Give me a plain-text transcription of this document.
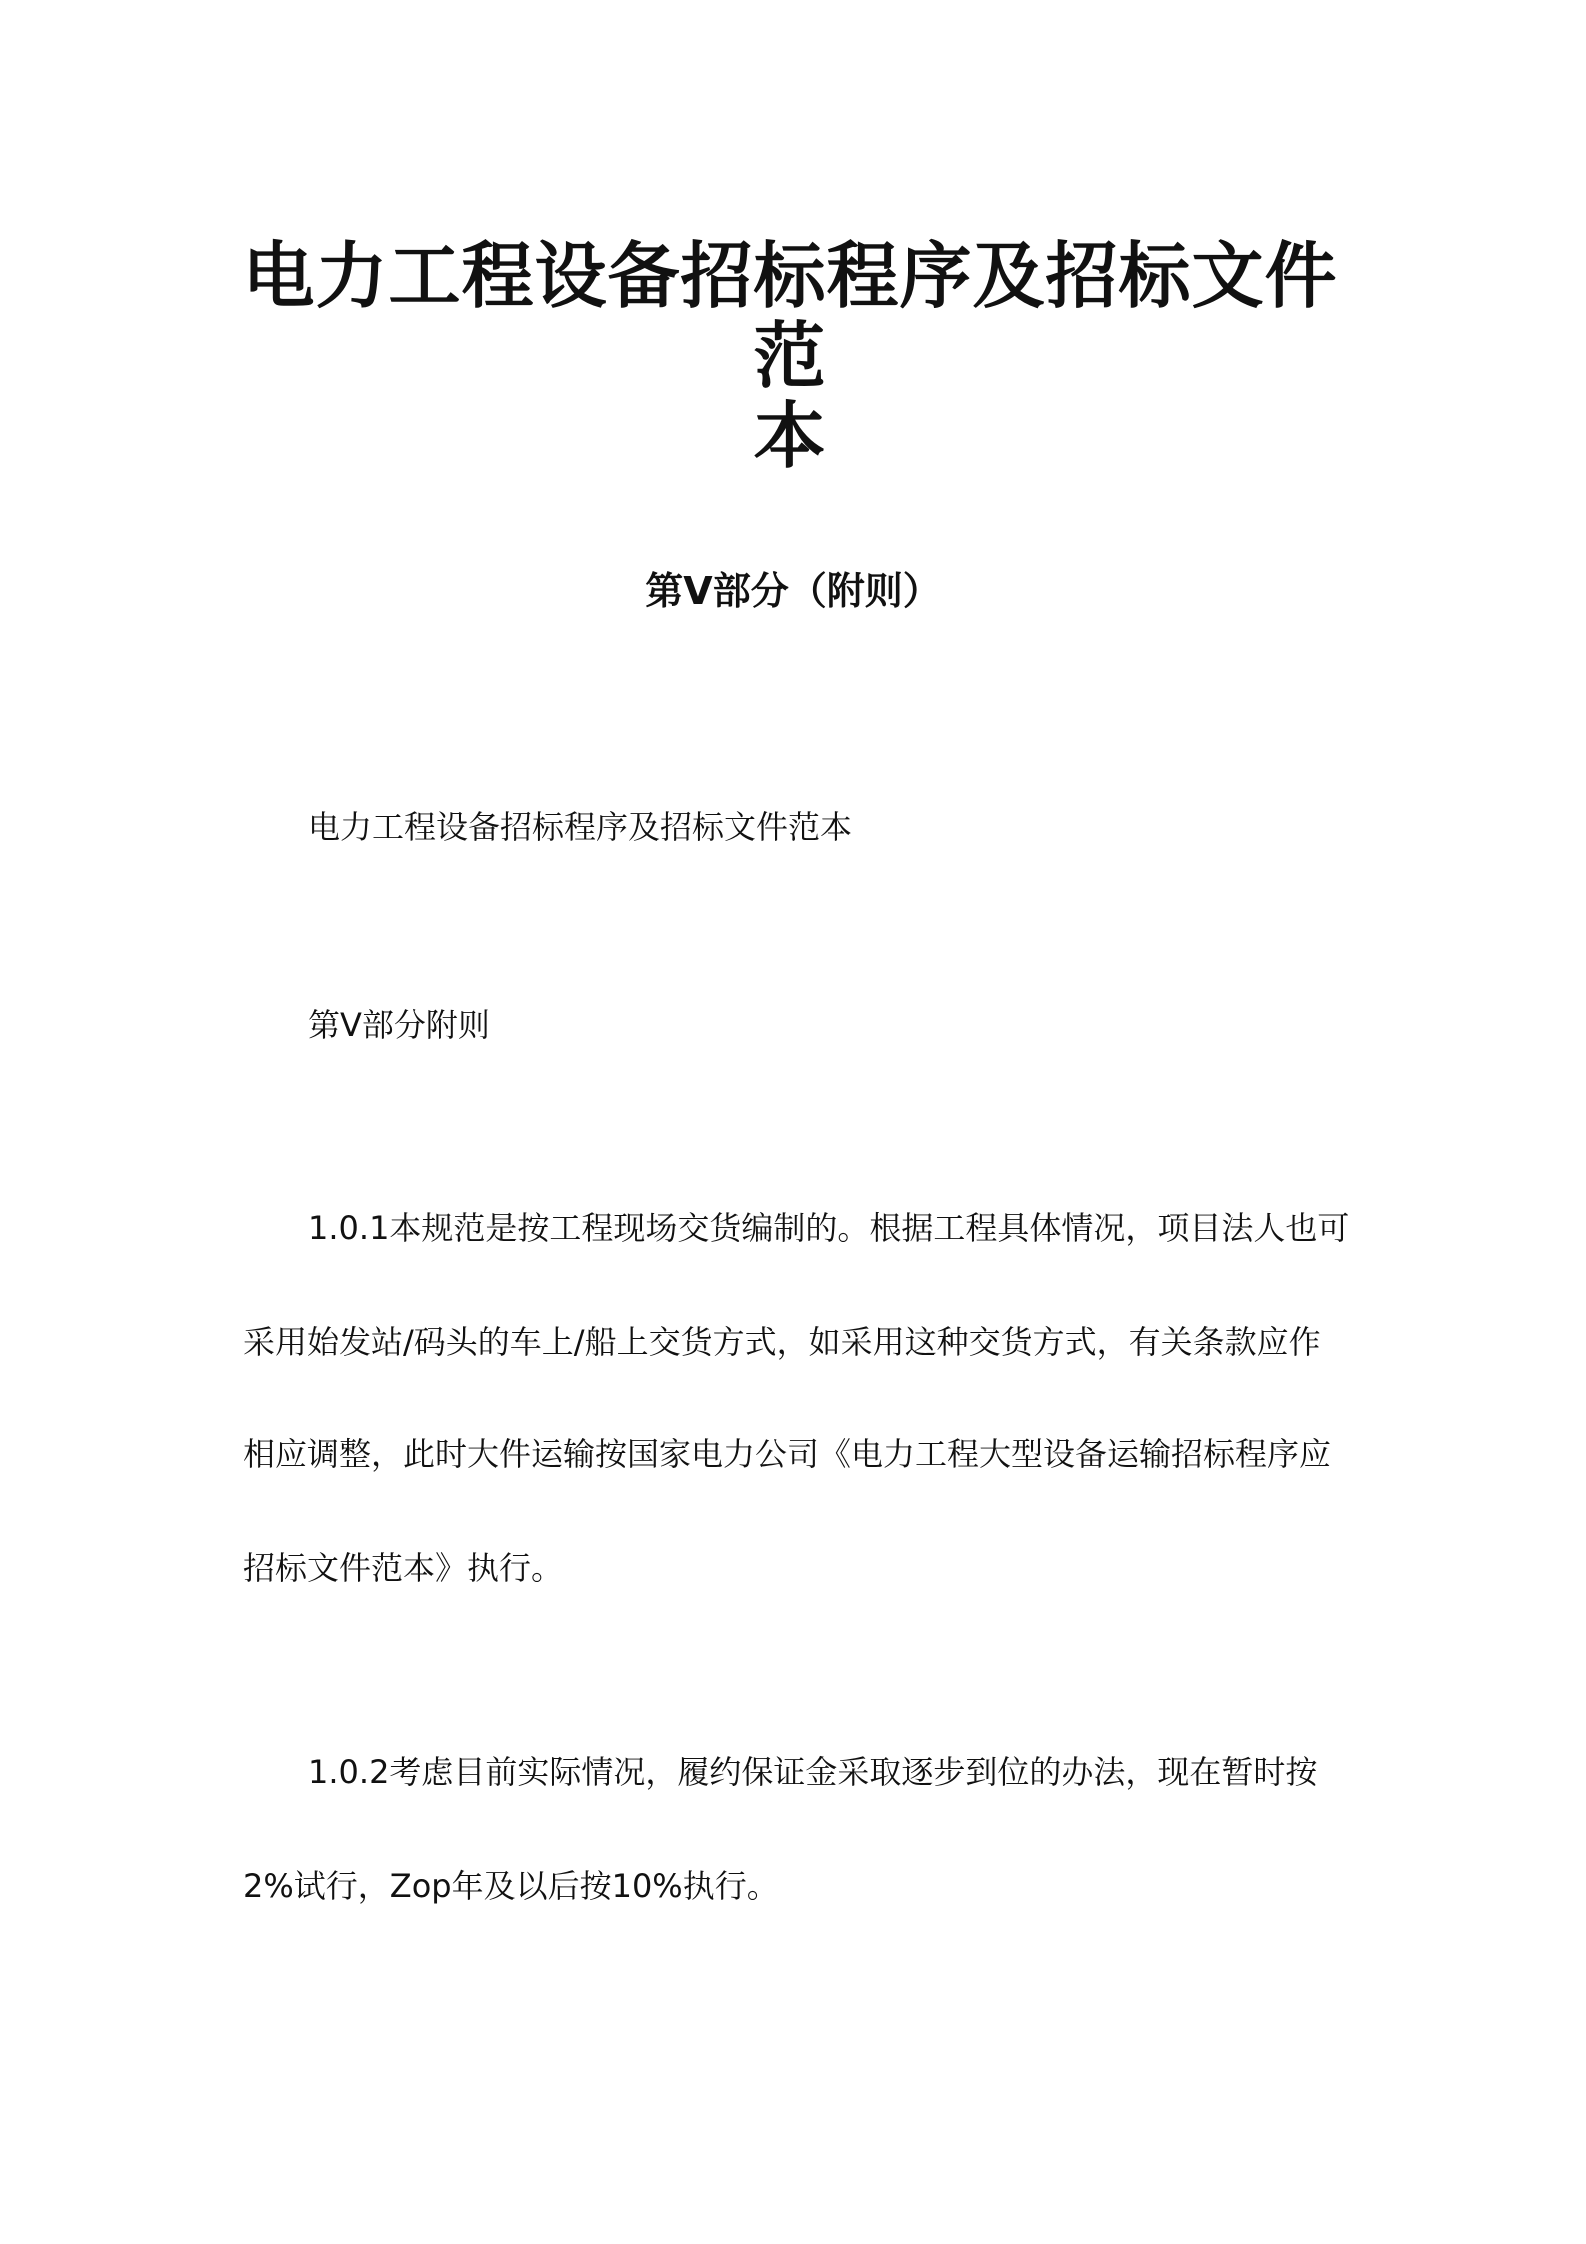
电力工程设备招标程序及招标文件范
本
第V部分（附则）

电力工程设备招标程序及招标文件范本

第V部分附则

1.0.1本规范是按工程现场交货编制的。根据工程具体情况，项目法人也可

采用始发站/码头的车上/船上交货方式，如采用这种交货方式，有关条款应作

相应调整，此时大件运输按国家电力公司《电力工程大型设备运输招标程序应

招标文件范本》执行。

1.0.2考虑目前实际情况，履约保证金采取逐步到位的办法，现在暂时按

2%试行，Zop年及以后按10%执行。
